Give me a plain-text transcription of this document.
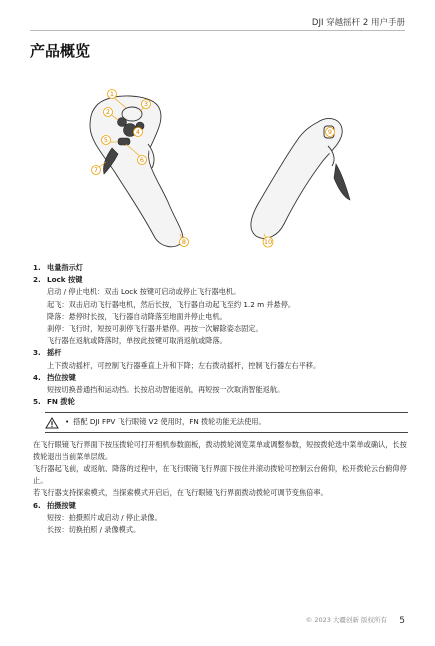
DJI 穿越摇杆 2 用户手册
产品概览
1
2
3
4
5
6
7
8
9
10
1. 电量指示灯
2. Lock 按键
启动 / 停止电机：双击 Lock 按键可启动或停止飞行器电机。
起飞：双击启动飞行器电机，然后长按，飞行器自动起飞至约 1.2 m 并悬停。
降落：悬停时长按，飞行器自动降落至地面并停止电机。
刹停：飞行时，短按可刹停飞行器并悬停。再按一次解除姿态固定。
飞行器在返航或降落时，单按此按键可取消返航或降落。
3. 摇杆
上下拨动摇杆，可控制飞行器垂直上升和下降；左右拨动摇杆，控制飞行器左右平移。
4. 挡位按键
短按切换普通挡和运动挡。长按启动智能返航，再短按一次取消智能返航。
5. FN 拨轮
• 搭配 DJI FPV 飞行眼镜 V2 使用时，FN 拨轮功能无法使用。
在飞行眼镜飞行界面下按压拨轮可打开相机参数面板，拨动拨轮浏览菜单或调整参数，短按拨轮选中菜单或确认，长按拨轮退出当前菜单层级。
飞行器起飞前，或返航、降落的过程中，在飞行眼镜飞行界面下按住并滚动拨轮可控制云台俯仰，松开拨轮云台俯仰停止。
若飞行器支持探索模式，当探索模式开启后，在飞行眼镜飞行界面拨动拨轮可调节变焦倍率。
6. 拍摄按键
短按：拍摄照片或启动 / 停止录像。
长按：切换拍照 / 录像模式。
© 2023 大疆创新 版权所有 5
